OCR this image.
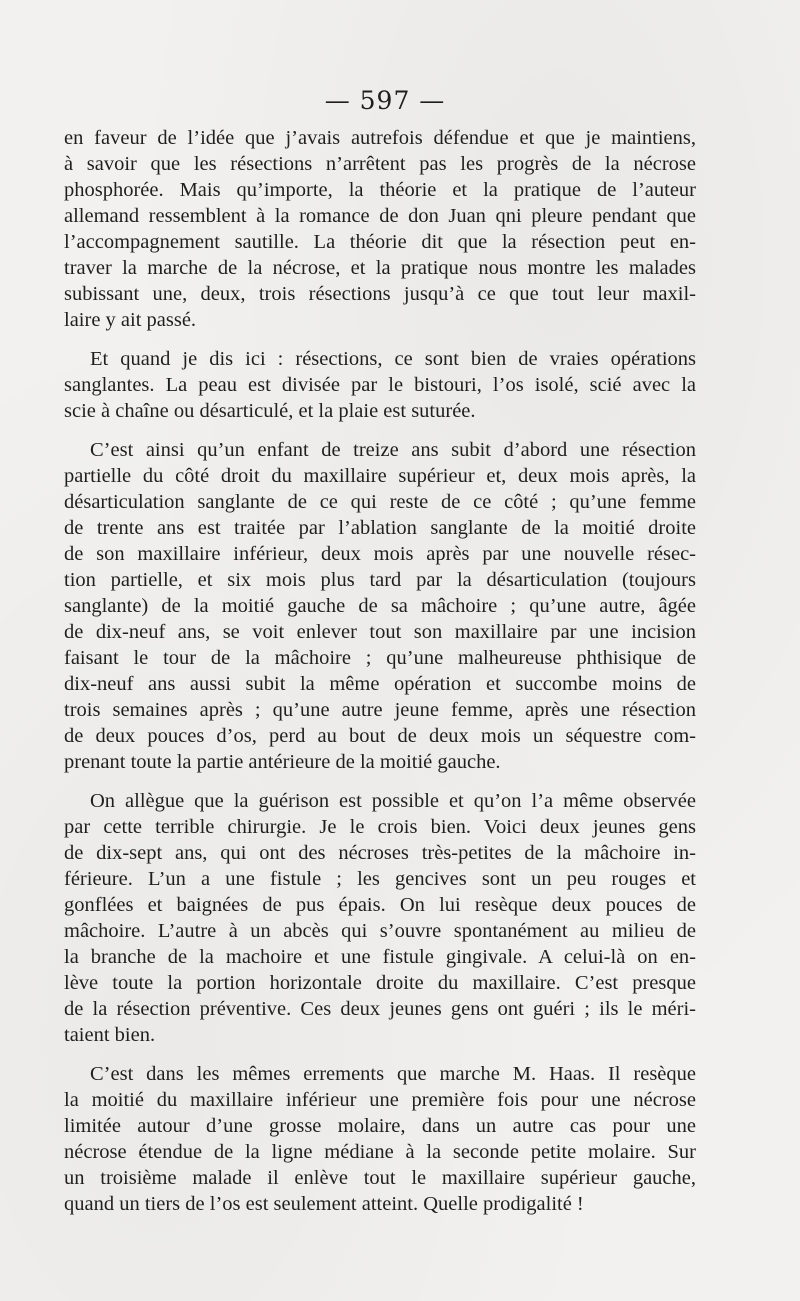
— 597 —

en faveur de l’idée que j’avais autrefois défendue et que je maintiens,
à savoir que les résections n’arrêtent pas les progrès de la nécrose
phosphorée. Mais qu’importe, la théorie et la pratique de l’auteur
allemand ressemblent à la romance de don Juan qni pleure pendant que
l’accompagnement sautille. La théorie dit que la résection peut en-
traver la marche de la nécrose, et la pratique nous montre les malades
subissant une, deux, trois résections jusqu’à ce que tout leur maxil-
laire y ait passé.
Et quand je dis ici : résections, ce sont bien de vraies opérations
sanglantes. La peau est divisée par le bistouri, l’os isolé, scié avec la
scie à chaîne ou désarticulé, et la plaie est suturée.
C’est ainsi qu’un enfant de treize ans subit d’abord une résection
partielle du côté droit du maxillaire supérieur et, deux mois après, la
désarticulation sanglante de ce qui reste de ce côté ; qu’une femme
de trente ans est traitée par l’ablation sanglante de la moitié droite
de son maxillaire inférieur, deux mois après par une nouvelle résec-
tion partielle, et six mois plus tard par la désarticulation (toujours
sanglante) de la moitié gauche de sa mâchoire ; qu’une autre, âgée
de dix-neuf ans, se voit enlever tout son maxillaire par une incision
faisant le tour de la mâchoire ; qu’une malheureuse phthisique de
dix-neuf ans aussi subit la même opération et succombe moins de
trois semaines après ; qu’une autre jeune femme, après une résection
de deux pouces d’os, perd au bout de deux mois un séquestre com-
prenant toute la partie antérieure de la moitié gauche.
On allègue que la guérison est possible et qu’on l’a même observée
par cette terrible chirurgie. Je le crois bien. Voici deux jeunes gens
de dix-sept ans, qui ont des nécroses très-petites de la mâchoire in-
férieure. L’un a une fistule ; les gencives sont un peu rouges et
gonflées et baignées de pus épais. On lui resèque deux pouces de
mâchoire. L’autre à un abcès qui s’ouvre spontanément au milieu de
la branche de la machoire et une fistule gingivale. A celui-là on en-
lève toute la portion horizontale droite du maxillaire. C’est presque
de la résection préventive. Ces deux jeunes gens ont guéri ; ils le méri-
taient bien.
C’est dans les mêmes errements que marche M. Haas. Il resèque
la moitié du maxillaire inférieur une première fois pour une nécrose
limitée autour d’une grosse molaire, dans un autre cas pour une
nécrose étendue de la ligne médiane à la seconde petite molaire. Sur
un troisième malade il enlève tout le maxillaire supérieur gauche,
quand un tiers de l’os est seulement atteint. Quelle prodigalité !
